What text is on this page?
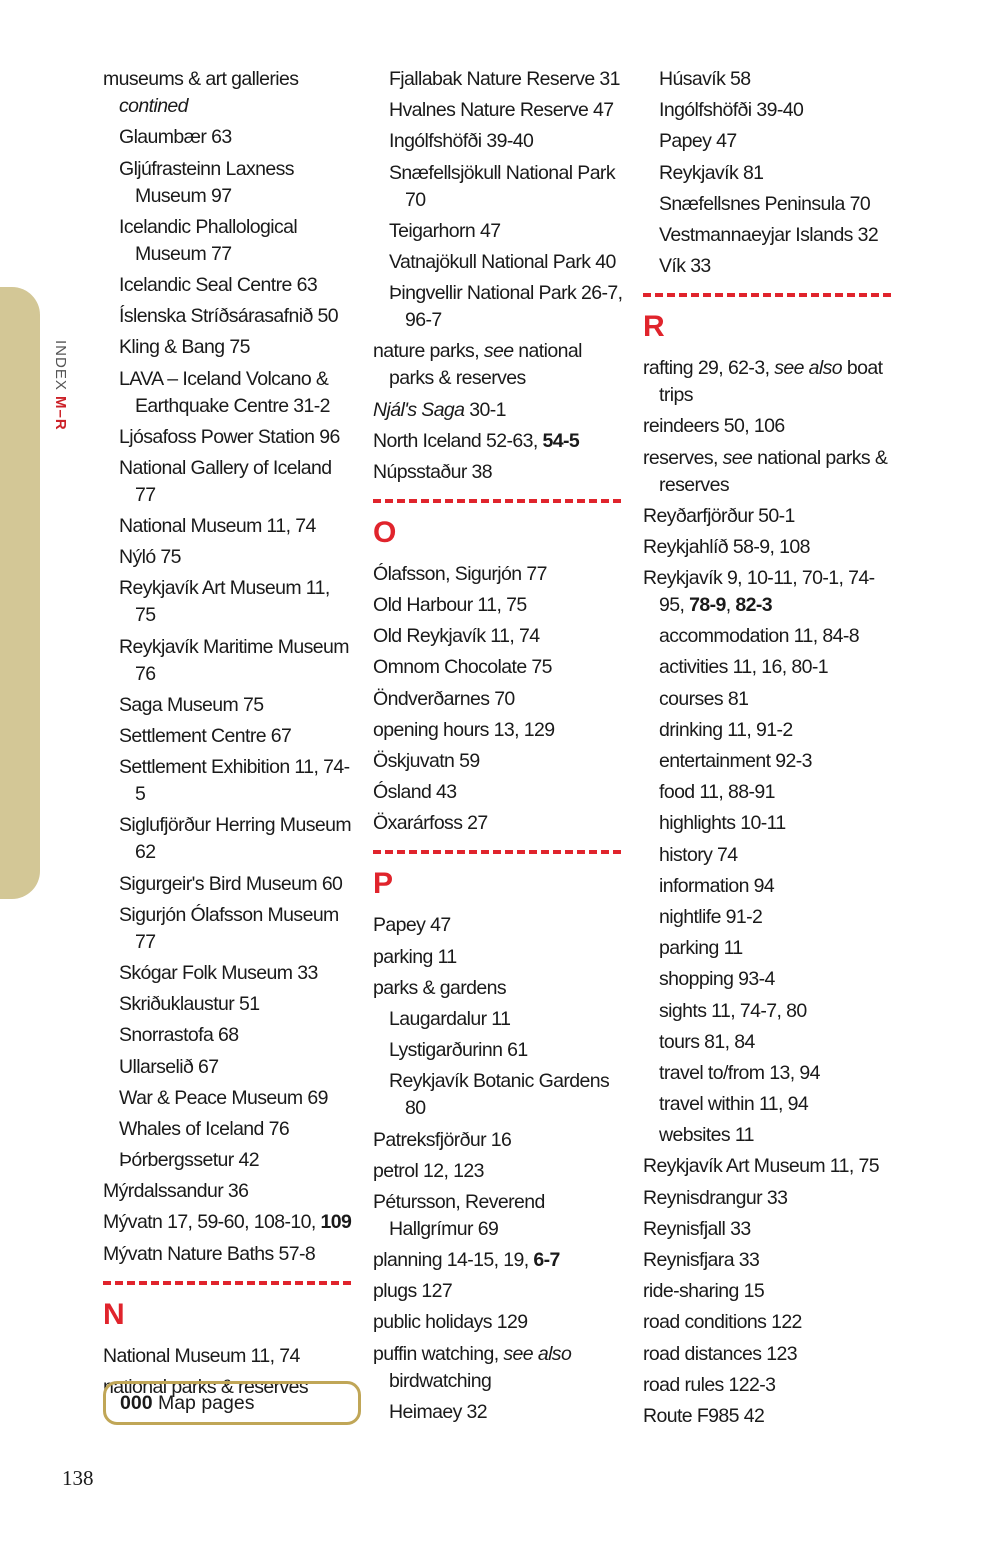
INDEX M–R
museums & art galleries
contined
Glaumbær 63
Gljúfrasteinn Laxness Museum 97
Icelandic Phallological Museum 77
Icelandic Seal Centre 63
Íslenska Stríðsárasafnið 50
Kling & Bang 75
LAVA – Iceland Volcano & Earthquake Centre 31-2
Ljósafoss Power Station 96
National Gallery of Iceland 77
National Museum 11, 74
Nýló 75
Reykjavík Art Museum 11, 75
Reykjavík Maritime Museum 76
Saga Museum 75
Settlement Centre 67
Settlement Exhibition 11, 74-5
Siglufjörður Herring Museum 62
Sigurgeir's Bird Museum 60
Sigurjón Ólafsson Museum 77
Skógar Folk Museum 33
Skriðuklaustur 51
Snorrastofa 68
Ullarselið 67
War & Peace Museum 69
Whales of Iceland 76
Þórbergssetur 42
Mýrdalssandur 36
Mývatn 17, 59-60, 108-10, 109
Mývatn Nature Baths 57-8
N
National Museum 11, 74
national parks & reserves
Fjallabak Nature Reserve 31
Hvalnes Nature Reserve 47
Ingólfshöfði 39-40
Snæfellsjökull National Park 70
Teigarhorn 47
Vatnajökull National Park 40
Þingvellir National Park 26-7, 96-7
nature parks, see national parks & reserves
Njál's Saga 30-1
North Iceland 52-63, 54-5
Núpsstaður 38
O
Ólafsson, Sigurjón 77
Old Harbour 11, 75
Old Reykjavík 11, 74
Omnom Chocolate 75
Öndverðarnes 70
opening hours 13, 129
Öskjuvatn 59
Ósland 43
Öxarárfoss 27
P
Papey 47
parking 11
parks & gardens
Laugardalur 11
Lystigarðurinn 61
Reykjavík Botanic Gardens 80
Patreksfjörður 16
petrol 12, 123
Pétursson, Reverend Hallgrímur 69
planning 14-15, 19, 6-7
plugs 127
public holidays 129
puffin watching, see also birdwatching
Heimaey 32
Húsavík 58
Ingólfshöfði 39-40
Papey 47
Reykjavík 81
Snæfellsnes Peninsula 70
Vestmannaeyjar Islands 32
Vík 33
R
rafting 29, 62-3, see also boat trips
reindeers 50, 106
reserves, see national parks & reserves
Reyðarfjörður 50-1
Reykjahlíð 58-9, 108
Reykjavík 9, 10-11, 70-1, 74-95, 78-9, 82-3
accommodation 11, 84-8
activities 11, 16, 80-1
courses 81
drinking 11, 91-2
entertainment 92-3
food 11, 88-91
highlights 10-11
history 74
information 94
nightlife 91-2
parking 11
shopping 93-4
sights 11, 74-7, 80
tours 81, 84
travel to/from 13, 94
travel within 11, 94
websites 11
Reykjavík Art Museum 11, 75
Reynisdrangur 33
Reynisfjall 33
Reynisfjara 33
ride-sharing 15
road conditions 122
road distances 123
road rules 122-3
Route F985 42
000 Map pages
138
